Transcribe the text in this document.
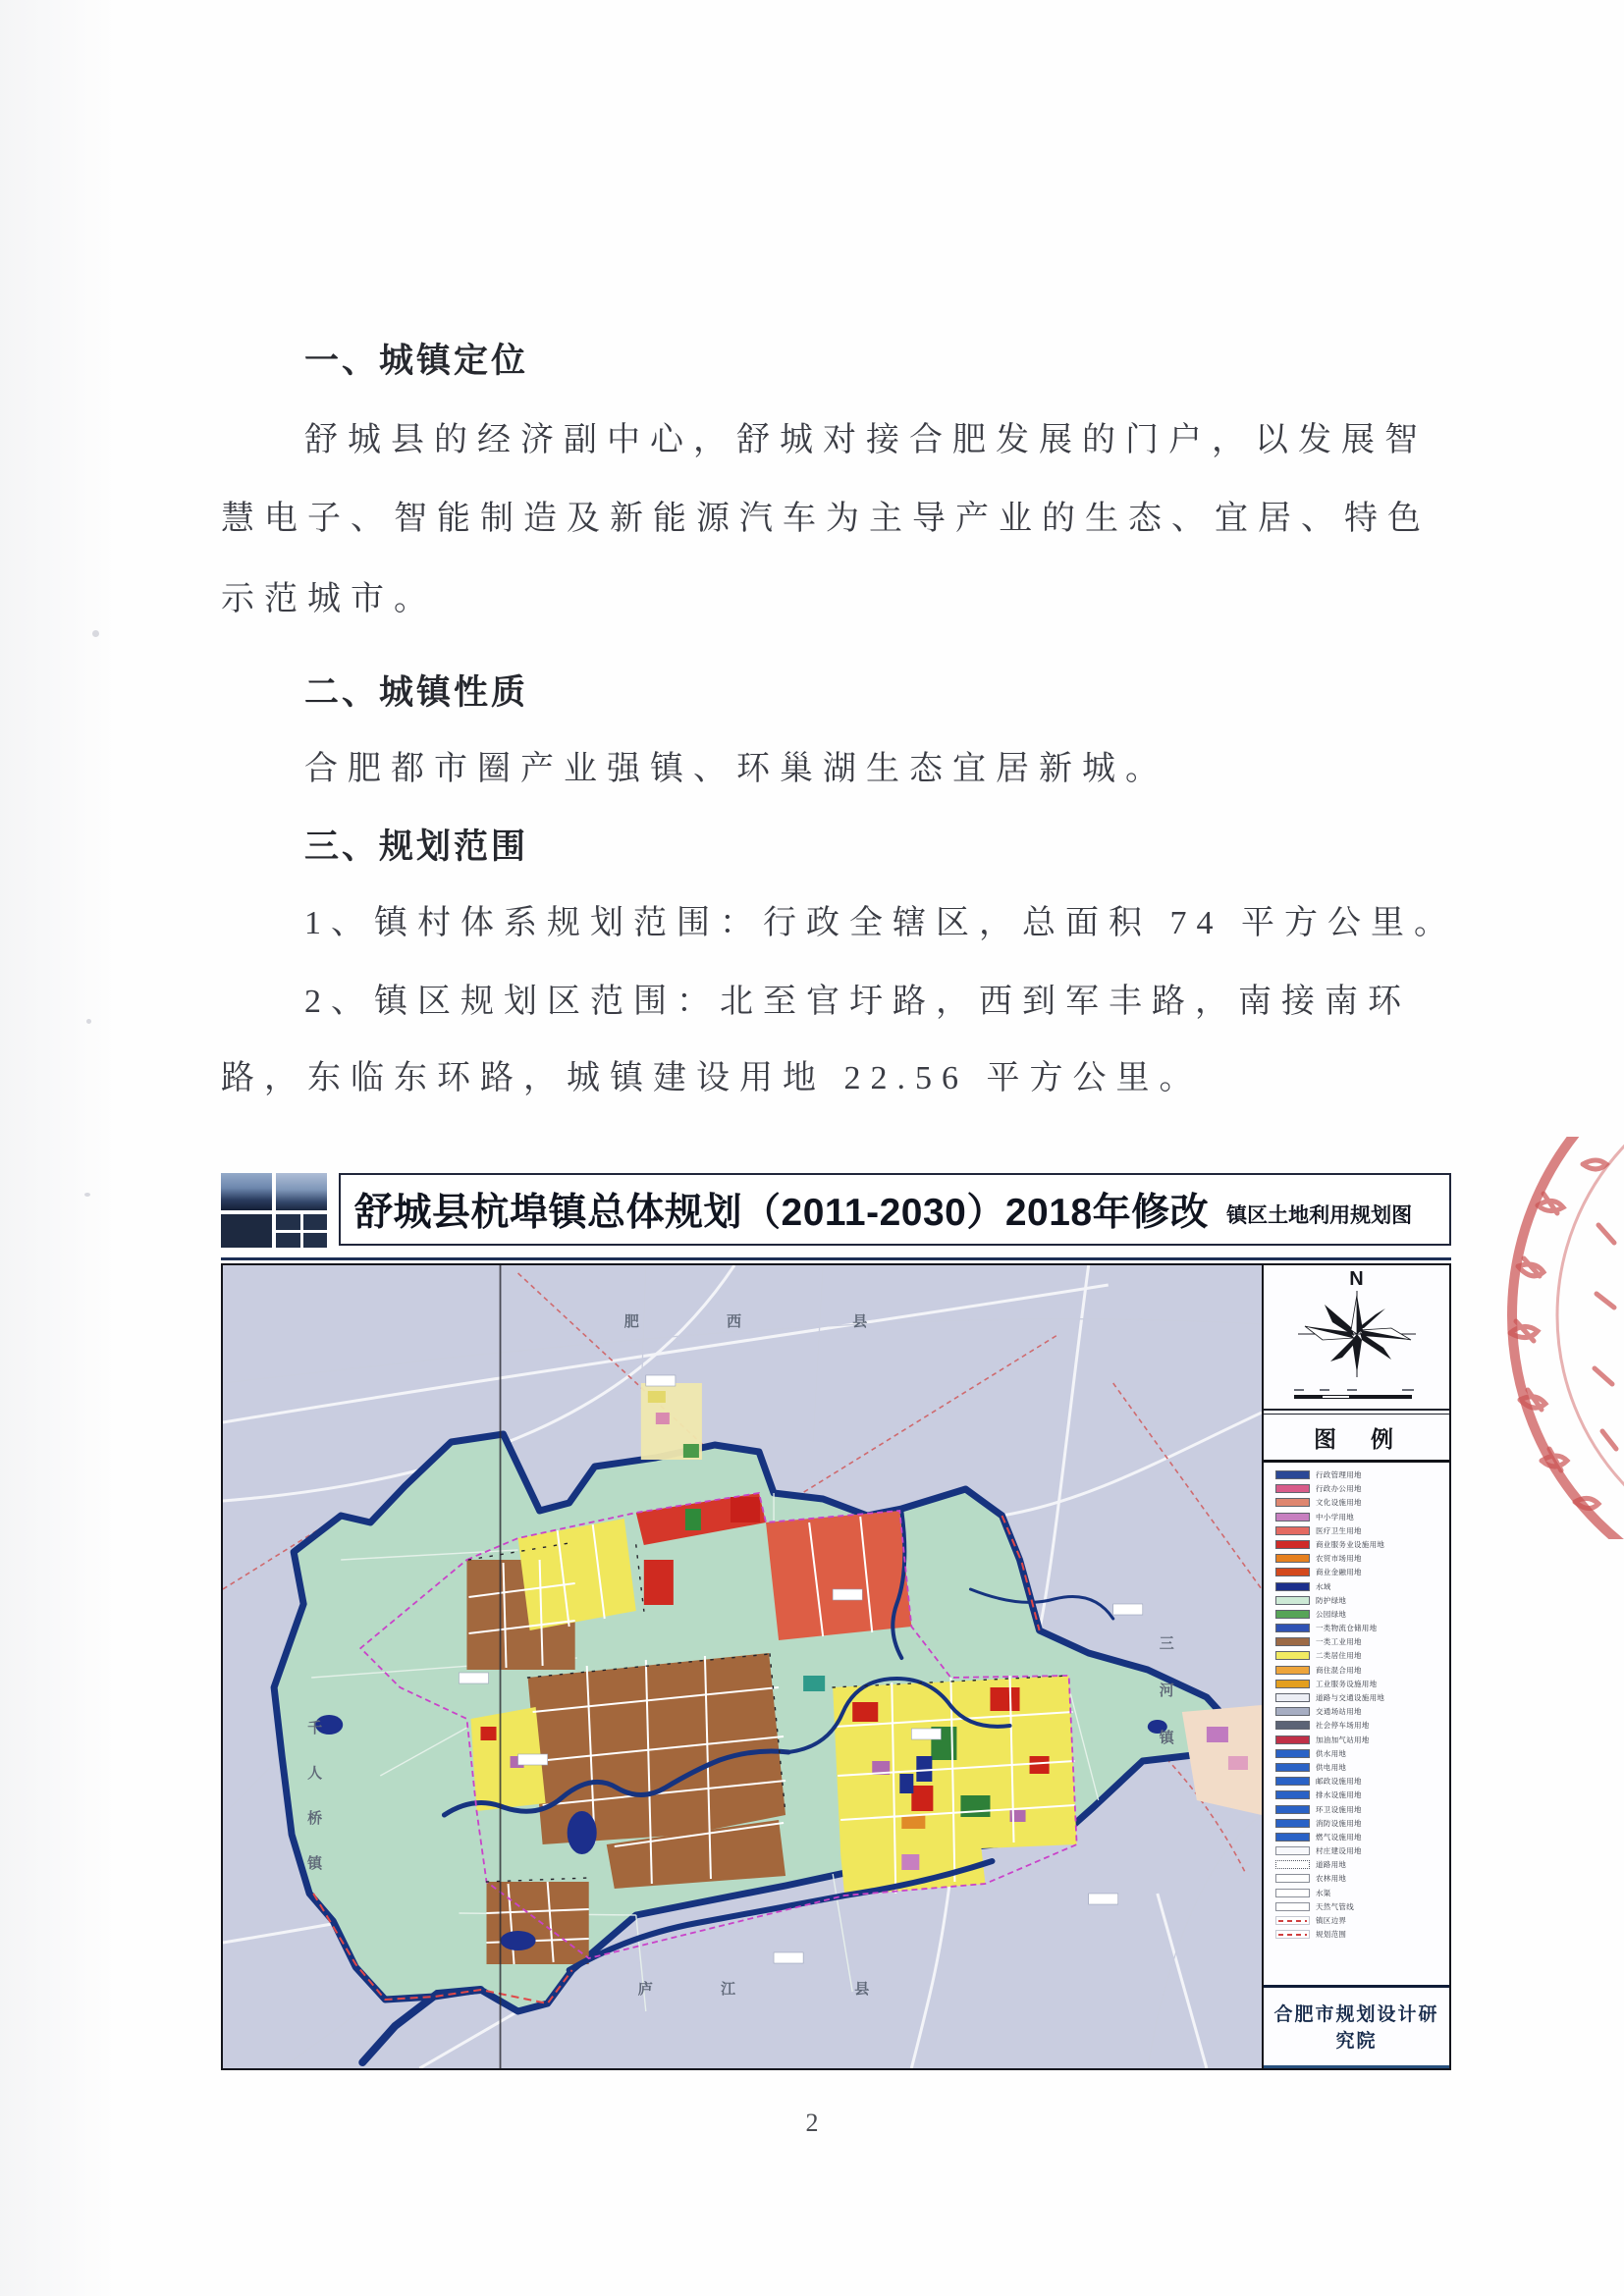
一、城镇定位
舒城县的经济副中心，舒城对接合肥发展的门户，以发展智
慧电子、智能制造及新能源汽车为主导产业的生态、宜居、特色
示范城市。
二、城镇性质
合肥都市圈产业强镇、环巢湖生态宜居新城。
三、规划范围
1、镇村体系规划范围：行政全辖区，总面积 74 平方公里。
2、镇区规划区范围：北至官圩路，西到军丰路，南接南环
路，东临东环路，城镇建设用地 22.56 平方公里。
舒城县杭埠镇总体规划（2011-2030）2018年修改 镇区土地利用规划图
肥	西	县
三
河
镇
千
人
桥
镇
庐	江	县
N
图　例
行政管理用地
行政办公用地
文化设施用地
中小学用地
医疗卫生用地
商业服务业设施用地
农贸市场用地
商业金融用地
水域
防护绿地
公园绿地
一类物流仓储用地
一类工业用地
二类居住用地
商住混合用地
工业服务设施用地
道路与交通设施用地
交通场站用地
社会停车场用地
加油加气站用地
供水用地
供电用地
邮政设施用地
排水设施用地
环卫设施用地
消防设施用地
燃气设施用地
村庄建设用地
道路用地
农林用地
水渠
天然气管线
镇区边界
规划范围
合肥市规划设计研究院
2
